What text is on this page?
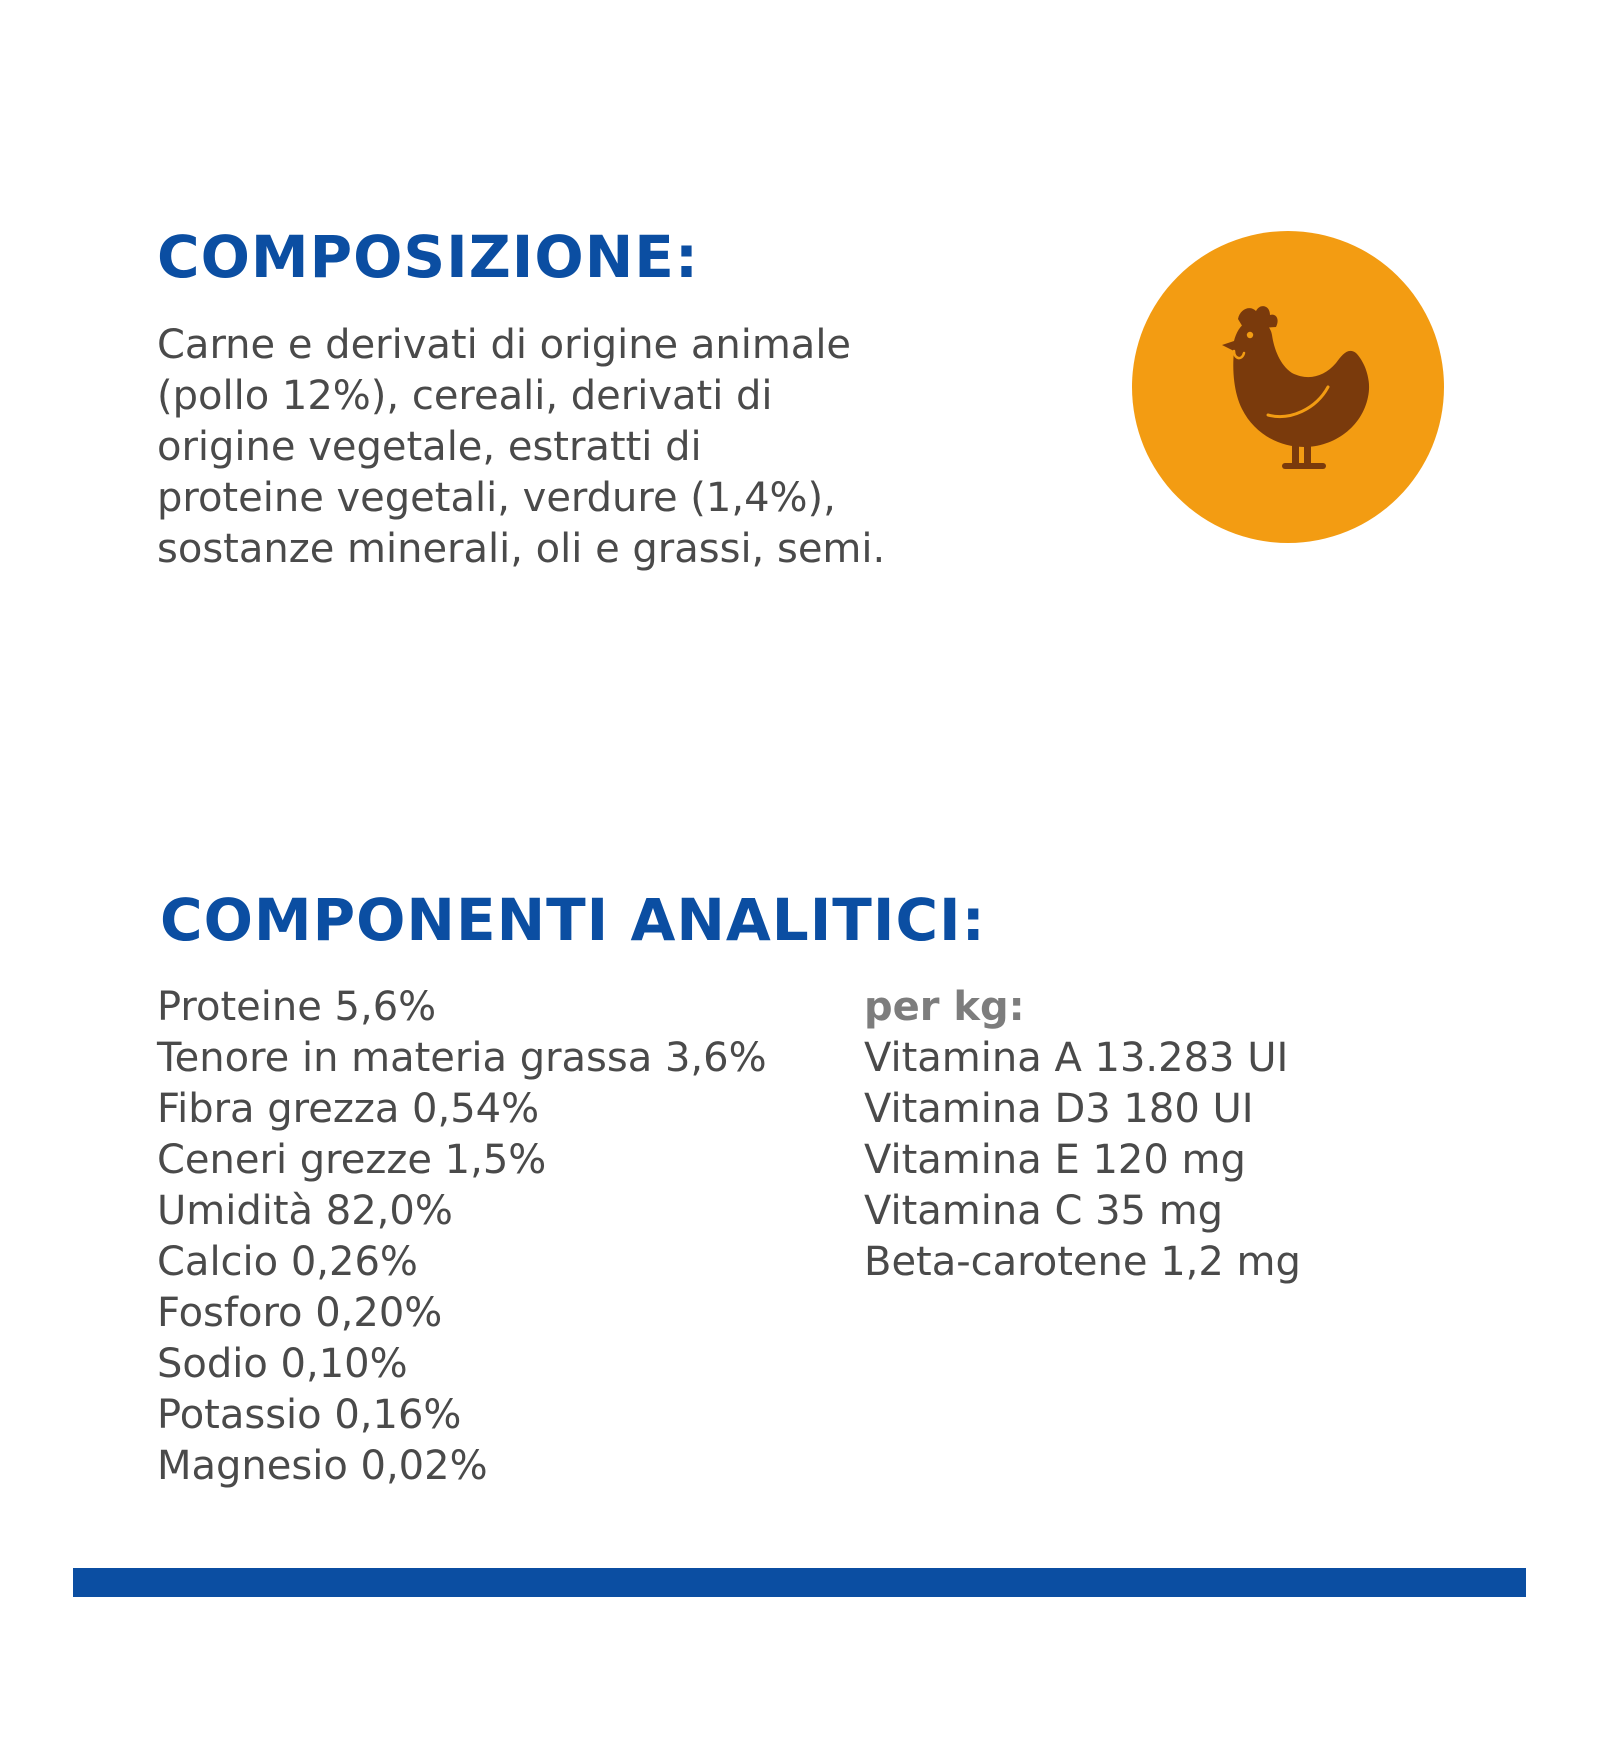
COMPOSIZIONE:

Carne e derivati di origine animale
(pollo 12%), cereali, derivati di
origine vegetale, estratti di
proteine vegetali, verdure (1,4%),
sostanze minerali, oli e grassi, semi.

COMPONENTI ANALITICI:
Proteine 5,6%
Tenore in materia grassa 3,6%
Fibra grezza 0,54%
Ceneri grezze 1,5%
Umidità 82,0%
Calcio 0,26%
Fosforo 0,20%
Sodio 0,10%
Potassio 0,16%
Magnesio 0,02%
per kg:
Vitamina A 13.283 UI
Vitamina D3 180 UI
Vitamina E 120 mg
Vitamina C 35 mg
Beta-carotene 1,2 mg
